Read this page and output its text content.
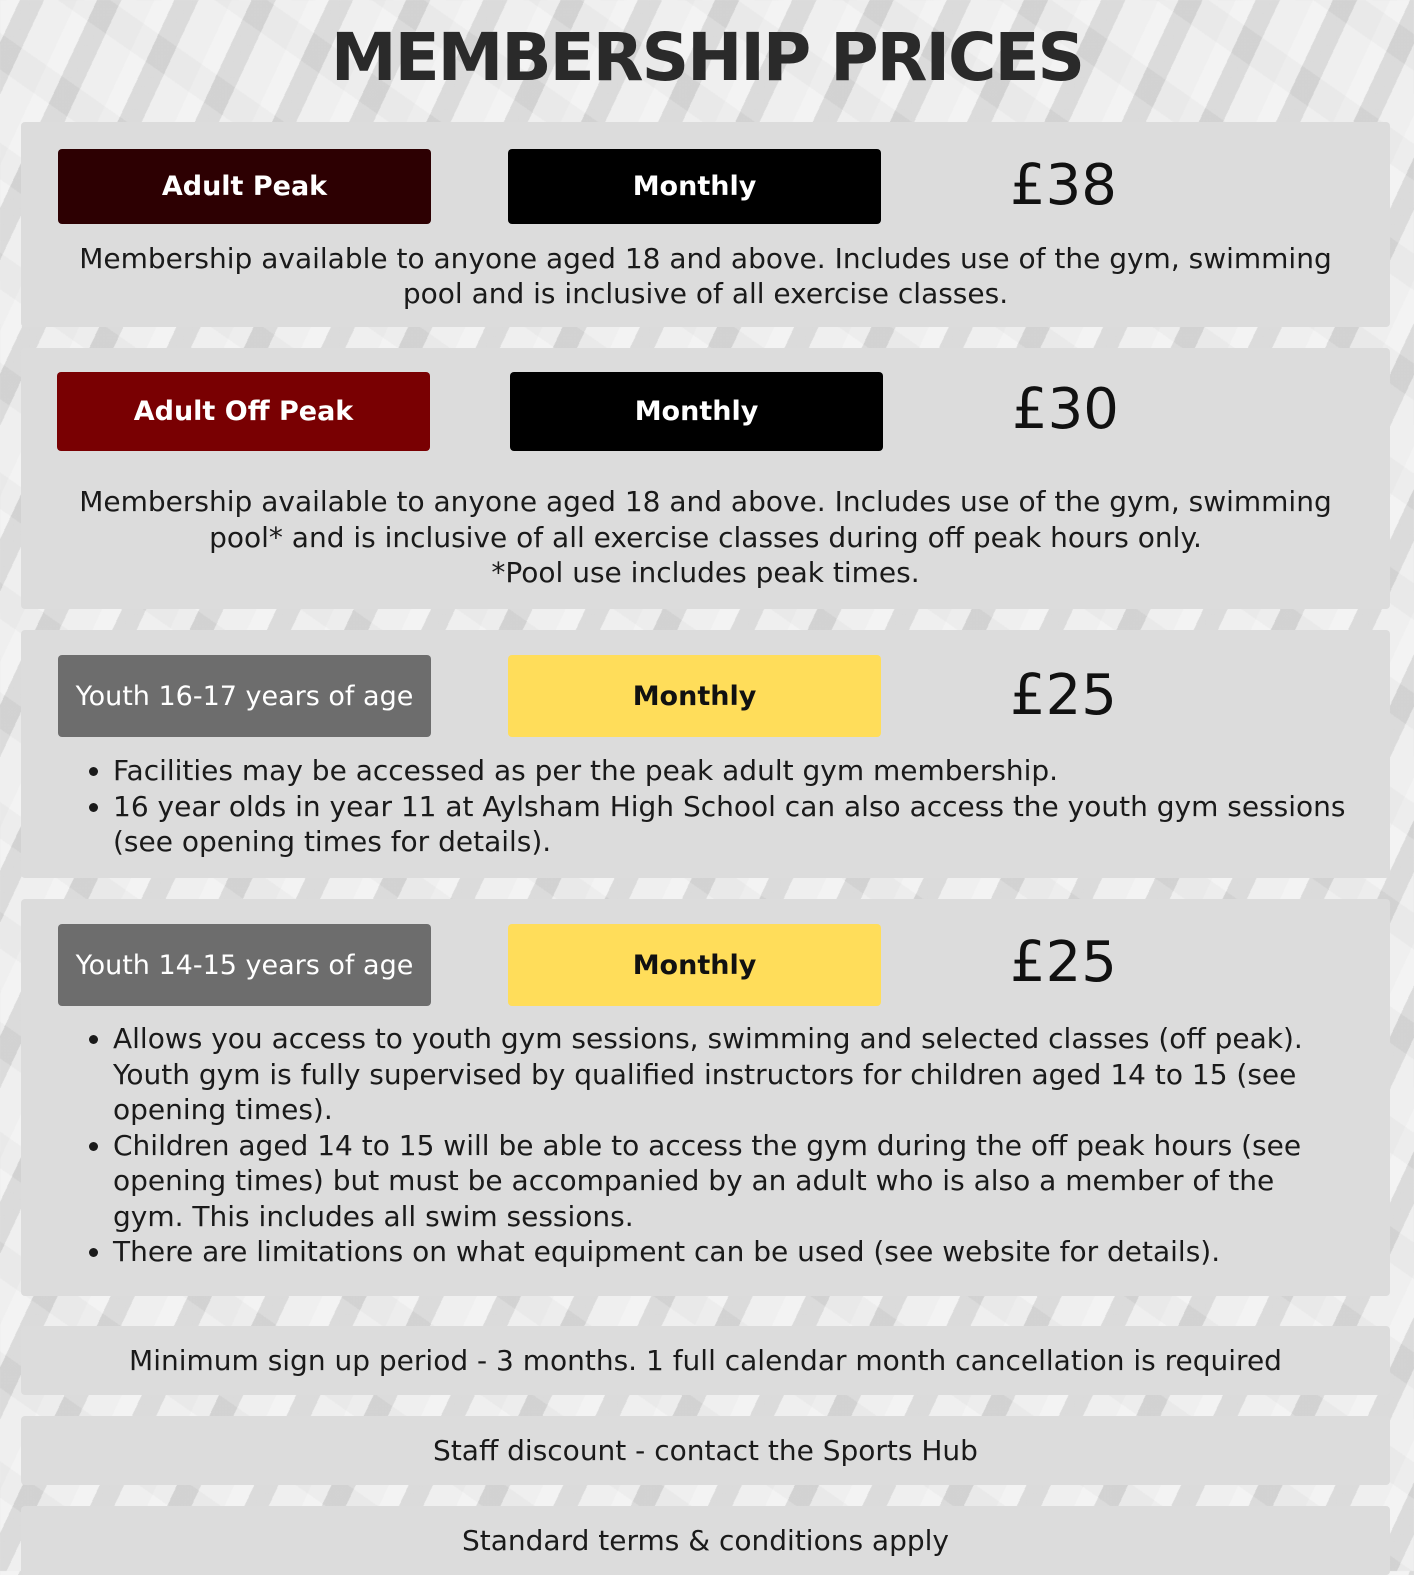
MEMBERSHIP PRICES
Adult Peak	Monthly	£38
Membership available to anyone aged 18 and above. Includes use of the gym, swimming pool and is inclusive of all exercise classes.
Adult Off Peak	Monthly	£30
Membership available to anyone aged 18 and above. Includes use of the gym, swimming
pool* and is inclusive of all exercise classes during off peak hours only.
*Pool use includes peak times.
Youth 16-17 years of age	Monthly	£25
• Facilities may be accessed as per the peak adult gym membership.
• 16 year olds in year 11 at Aylsham High School can also access the youth gym sessions (see opening times for details).
Youth 14-15 years of age	Monthly	£25
• Allows you access to youth gym sessions, swimming and selected classes (off peak). Youth gym is fully supervised by qualified instructors for children aged 14 to 15 (see opening times).
• Children aged 14 to 15 will be able to access the gym during the off peak hours (see opening times) but must be accompanied by an adult who is also a member of the gym. This includes all swim sessions.
• There are limitations on what equipment can be used (see website for details).
Minimum sign up period - 3 months. 1 full calendar month cancellation is required
Staff discount - contact the Sports Hub
Standard terms & conditions apply
